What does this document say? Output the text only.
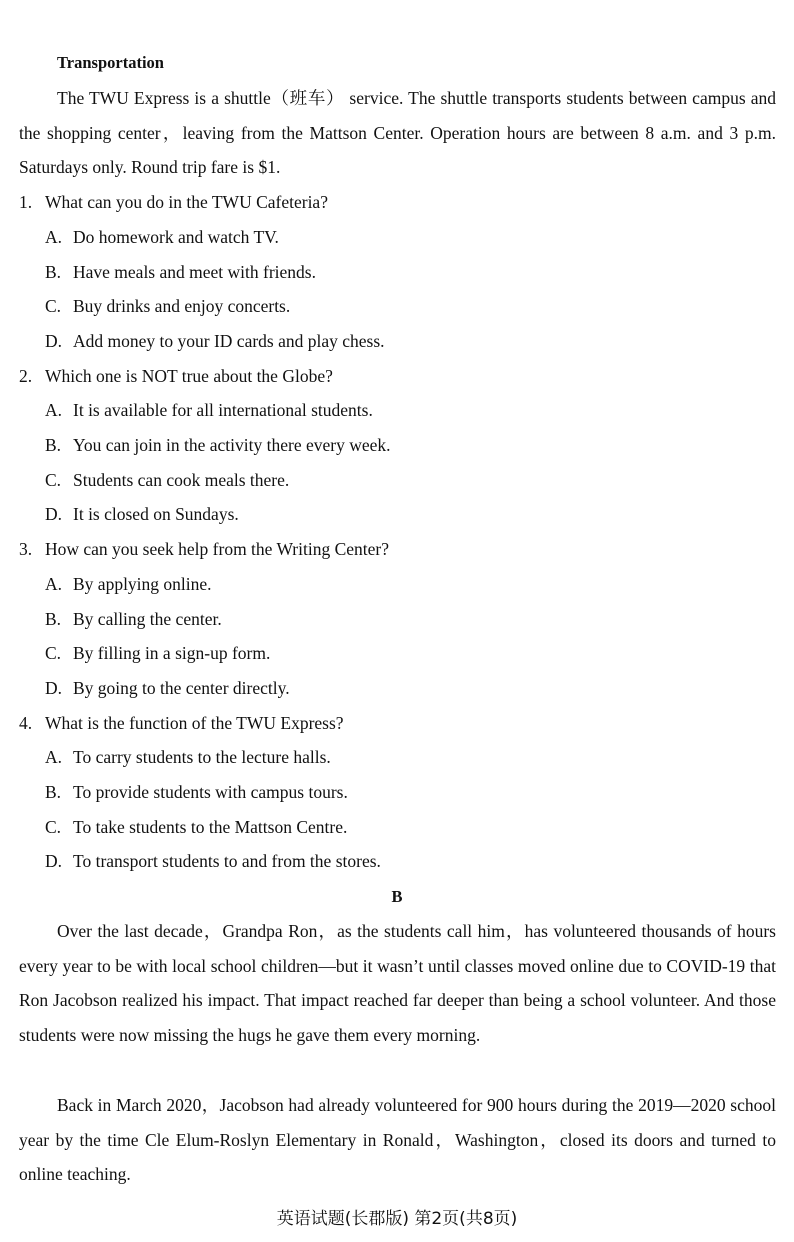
Transportation
The TWU Express is a shuttle（班车） service. The shuttle transports students between campus and the shopping center，leaving from the Mattson Center. Operation hours are between 8 a.m. and 3 p.m. Saturdays only. Round trip fare is $1.
1. What can you do in the TWU Cafeteria?
A. Do homework and watch TV.
B. Have meals and meet with friends.
C. Buy drinks and enjoy concerts.
D. Add money to your ID cards and play chess.
2. Which one is NOT true about the Globe?
A. It is available for all international students.
B. You can join in the activity there every week.
C. Students can cook meals there.
D. It is closed on Sundays.
3. How can you seek help from the Writing Center?
A. By applying online.
B. By calling the center.
C. By filling in a sign-up form.
D. By going to the center directly.
4. What is the function of the TWU Express?
A. To carry students to the lecture halls.
B. To provide students with campus tours.
C. To take students to the Mattson Centre.
D. To transport students to and from the stores.
B
Over the last decade，Grandpa Ron，as the students call him，has volunteered thousands of hours every year to be with local school children—but it wasn’t until classes moved online due to COVID-19 that Ron Jacobson realized his impact. That impact reached far deeper than being a school volunteer. And those students were now missing the hugs he gave them every morning.
Back in March 2020，Jacobson had already volunteered for 900 hours during the 2019—2020 school year by the time Cle Elum-Roslyn Elementary in Ronald，Washington，closed its doors and turned to online teaching.
英语试题(长郡版) 第2页(共8页)
